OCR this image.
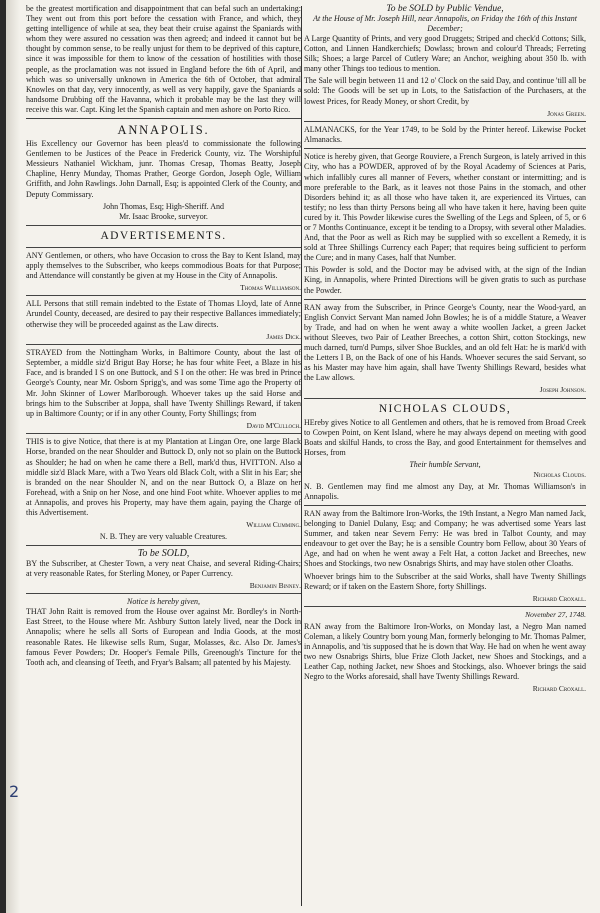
2

be the greatest mortification and disappointment that can befal such an undertaking: They went out from this port before the cessation with France, and which, they getting intelligence of while at sea, they beat their cruise against the Spaniards with whom they were assured no cessation was then agreed; and indeed it cannot but be thought by common sense, to be really unjust for them to be deprived of this capture, since it was impossible for them to know of the cessation of hostilities with those people, as the proclamation was not issued in England before the 6th of April, and which was so universally unknown in America the 6th of October, that admiral Knowles on that day, very innocently, as well as very happily, gave the Spaniards a handsome Drubbing off the Havanna, which it probable may be the last they will receive this war. Capt. King let the Spanish captain and men ashore on Porto Rico.

ANNAPOLIS.

His Excellency our Governor has been pleas'd to commissionate the following Gentlemen to be Justices of the Peace in Frederick County, viz. The Worshipful Messieurs Nathaniel Wickham, junr. Thomas Cresap, Thomas Beatty, Joseph Chapline, Henry Munday, Thomas Prather, George Gordon, Joseph Ogle, William Griffith, and John Rawlings. John Darnall, Esq; is appointed Clerk of the County, and Deputy Commissary.

John Thomas, Esq; High-Sheriff. And

Mr. Isaac Brooke, surveyor.

ADVERTISEMENTS.

ANY Gentlemen, or others, who have Occasion to cross the Bay to Kent Island, may apply themselves to the Subscriber, who keeps commodious Boats for that Purpose; and Attendance will constantly be given at my House in the City of Annapolis.

Thomas Williamson.

ALL Persons that still remain indebted to the Estate of Thomas Lloyd, late of Anne Arundel County, deceased, are desired to pay their respective Ballances immediately; otherwise they will be proceeded against as the Law directs.

James Dick.

STRAYED from the Nottingham Works, in Baltimore County, about the last of September, a middle siz'd Brigut Bay Horse; he has four white Feet, a Blaze in his Face, and is branded I S on one Buttock, and S I on the other: He was bred in Prince George's County, near Mr. Osborn Sprigg's, and was some Time ago the Property of Mr. John Skinner of Lower Marlborough. Whoever takes up the said Horse and brings him to the Subscriber at Joppa, shall have Twenty Shillings Reward, if taken up in Baltimore County; or if in any other County, Forty Shillings; from

David M'Culloch.

THIS is to give Notice, that there is at my Plantation at Lingan Ore, one large Black Horse, branded on the near Shoulder and Buttock D, only not so plain on the Buttock as Shoulder; he had on when he came there a Bell, mark'd thus, HVITTON. Also a middle siz'd Black Mare, with a Two Years old Black Colt, with a Slit in his Ear; she is branded on the near Shoulder N, and on the near Buttock O, a Blaze on her Forehead, with a Snip on her Nose, and one hind Foot white. Whoever applies to me at Annapolis, and proves his Property, may have them again, paying the Charge of this Advertisement.

William Cumming.

N. B. They are very valuable Creatures.

To be SOLD,

BY the Subscriber, at Chester Town, a very neat Chaise, and several Riding-Chairs; at very reasonable Rates, for Sterling Money, or Paper Currency.

Benjamin Binney.

Notice is hereby given,

THAT John Raitt is removed from the House over against Mr. Bordley's in North-East Street, to the House where Mr. Ashbury Sutton lately lived, near the Dock in Annapolis; where he sells all Sorts of European and India Goods, at the most reasonable Rates. He likewise sells Rum, Sugar, Molasses, &c. Also Dr. James's famous Fever Powders; Dr. Hooper's Female Pills, Greenough's Tincture for the Tooth ach, and cleansing of Teeth, and Fryar's Balsam; all patented by his Majesty.

To be SOLD by Public Vendue,
At the House of Mr. Joseph Hill, near Annapolis, on Friday the 16th of this Instant December;

A Large Quantity of Prints, and very good Druggets; Striped and check'd Cottons; Silk, Cotton, and Linnen Handkerchiefs; Dowlass; brown and colour'd Threads; Ferreting Silk; Shoes; a large Parcel of Cutlery Ware; an Anchor, weighing about 350 lb. with many other Things too tedious to mention.

The Sale will begin between 11 and 12 o' Clock on the said Day, and continue 'till all be sold: The Goods will be set up in Lots, to the Satisfaction of the Purchasers, at the lowest Prices, for Ready Money, or short Credit, by

Jonas Green.

ALMANACKS, for the Year 1749, to be Sold by the Printer hereof. Likewise Pocket Almanacks.

Notice is hereby given, that George Rouviere, a French Surgeon, is lately arrived in this City, who has a POWDER, approved of by the Royal Academy of Sciences at Paris, which infallibly cures all manner of Fevers, whether constant or intermitting; and is more preferable to the Bark, as it leaves not those Pains in the stomach, and other Disorders behind it; as all those who have taken it, are experienced its Virtues, can testify; no less than thirty Persons being all who have taken it here, having been quite cured by it. This Powder likewise cures the Swelling of the Legs and Spleen, of 5, or 6 or 7 Months Continuance, except it be tending to a Dropsy, with several other Maladies. And, that the Poor as well as Rich may be supplied with so excellent a Remedy, it is sold at Three Shillings Currency each Paper; that requires being sufficient to perform the Cure; and in many Cases, half that Number.

This Powder is sold, and the Doctor may be advised with, at the sign of the Indian King, in Annapolis, where Printed Directions will be given gratis to such as purchase the Powder.

RAN away from the Subscriber, in Prince George's County, near the Wood-yard, an English Convict Servant Man named John Bowles; he is of a middle Stature, a Weaver by Trade, and had on when he went away a white woollen Jacket, a green Jacket without Sleeves, two Pair of Leather Breeches, a cotton Shirt, cotton Stockings, new much darned, turn'd Pumps, silver Shoe Buckles, and an old felt Hat: he is mark'd with the Letters I B, on the Back of one of his Hands. Whoever secures the said Servant, so as his Master may have him again, shall have Twenty Shillings Reward, besides what the Law allows.

Joseph Johnson.

NICHOLAS CLOUDS,

HEreby gives Notice to all Gentlemen and others, that he is removed from Broad Creek to Cowpen Point, on Kent Island, where he may always depend on meeting with good Boats and skilful Hands, to cross the Bay, and good Entertainment for themselves and Horses, from

Their humble Servant,

Nicholas Clouds.

N. B. Gentlemen may find me almost any Day, at Mr. Thomas Williamson's in Annapolis.

RAN away from the Baltimore Iron-Works, the 19th Instant, a Negro Man named Jack, belonging to Daniel Dulany, Esq; and Company; he was advertised some Years last Summer, and taken near Severn Ferry: He was bred in Talbot County, and may endeavour to get over the Bay; he is a sensible Country born Fellow, about 30 Years of Age, and had on when he went away a Felt Hat, a cotton Jacket and Breeches, new Shoes and Stockings, two new Osnabrigs Shirts, and may have stolen other Cloaths.

Whoever brings him to the Subscriber at the said Works, shall have Twenty Shillings Reward; or if taken on the Eastern Shore, forty Shillings.

Richard Croxall.

November 27, 1748.

RAN away from the Baltimore Iron-Works, on Monday last, a Negro Man named Coleman, a likely Country born young Man, formerly belonging to Mr. Thomas Palmer, in Annapolis, and 'tis supposed that he is down that Way. He had on when he went away two new Osnabrigs Shirts, blue Frize Cloth Jacket, new Shoes and Stockings, and a Leather Cap, nothing Jacket, new Shoes and Stockings, also. Whoever brings the said Negro to the Works aforesaid, shall have Twenty Shillings Reward.

Richard Croxall.
